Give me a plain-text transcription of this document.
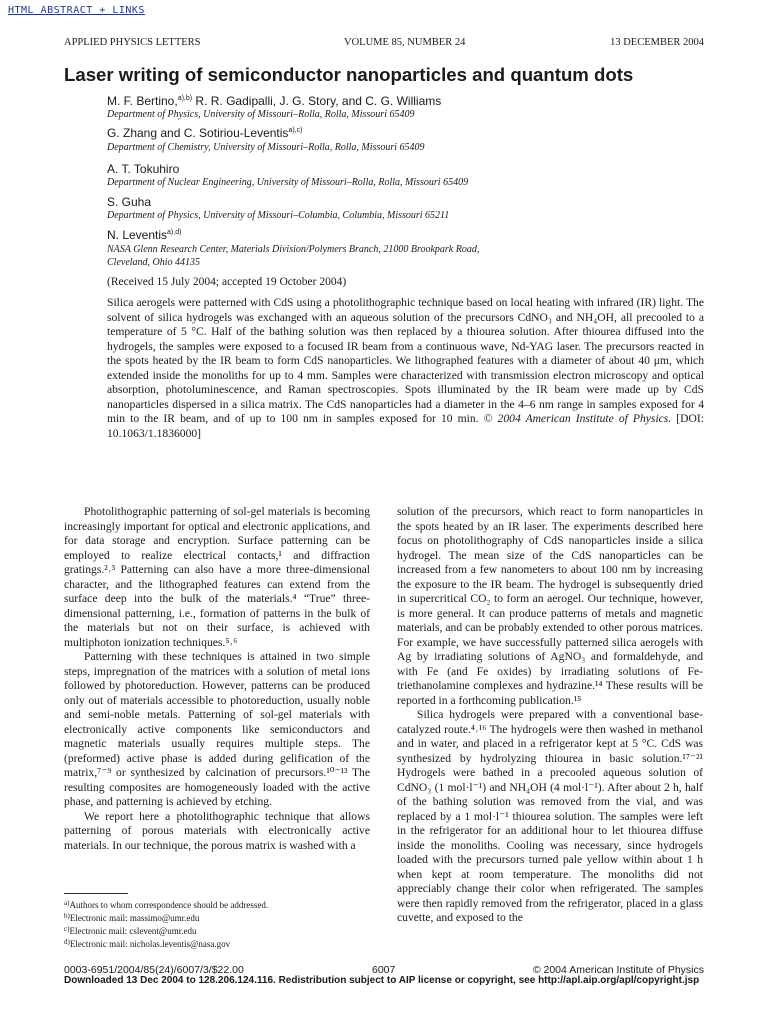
HTML ABSTRACT + LINKS
APPLIED PHYSICS LETTERS	VOLUME 85, NUMBER 24	13 DECEMBER 2004
Laser writing of semiconductor nanoparticles and quantum dots
M. F. Bertino,$^{a),b)}$ R. R. Gadipalli, J. G. Story, and C. G. Williams
Department of Physics, University of Missouri–Rolla, Rolla, Missouri 65409
G. Zhang and C. Sotiriou-Leventis$^{a),c)}$
Department of Chemistry, University of Missouri–Rolla, Rolla, Missouri 65409
A. T. Tokuhiro
Department of Nuclear Engineering, University of Missouri–Rolla, Rolla, Missouri 65409
S. Guha
Department of Physics, University of Missouri–Columbia, Columbia, Missouri 65211
N. Leventis$^{a),d)}$
NASA Glenn Research Center, Materials Division/Polymers Branch, 21000 Brookpark Road,
Cleveland, Ohio 44135
(Received 15 July 2004; accepted 19 October 2004)
Silica aerogels were patterned with CdS using a photolithographic technique based on local heating with infrared (IR) light. The solvent of silica hydrogels was exchanged with an aqueous solution of the precursors CdNO₃ and NH₄OH, all precooled to a temperature of 5 °C. Half of the bathing solution was then replaced by a thiourea solution. After thiourea diffused into the hydrogels, the samples were exposed to a focused IR beam from a continuous wave, Nd-YAG laser. The precursors reacted in the spots heated by the IR beam to form CdS nanoparticles. We lithographed features with a diameter of about 40 μm, which extended inside the monoliths for up to 4 mm. Samples were characterized with transmission electron microscopy and optical absorption, photoluminescence, and Raman spectroscopies. Spots illuminated by the IR beam were made up by CdS nanoparticles dispersed in a silica matrix. The CdS nanoparticles had a diameter in the 4–6 nm range in samples exposed for 4 min to the IR beam, and of up to 100 nm in samples exposed for 10 min. © 2004 American Institute of Physics. [DOI: 10.1063/1.1836000]

Photolithographic patterning of sol-gel materials is becoming increasingly important for optical and electronic applications, and for data storage and encryption. Surface patterning can be employed to realize electrical contacts,¹ and diffraction gratings.²˒³ Patterning can also have a more three-dimensional character, and the lithographed features can extend from the surface deep into the bulk of the materials.⁴ “True” three-dimensional patterning, i.e., formation of patterns in the bulk of the materials but not on their surface, is achieved with multiphoton ionization techniques.⁵˒⁶

Patterning with these techniques is attained in two simple steps, impregnation of the matrices with a solution of metal ions followed by photoreduction. However, patterns can be produced only out of materials accessible to photoreduction, usually noble and semi-noble metals. Patterning of sol-gel materials with electronically active components like semiconductors and magnetic materials usually requires multiple steps. The (preformed) active phase is added during gelification of the matrix,⁷⁻⁹ or synthesized by calcination of precursors.¹⁰⁻¹³ The resulting composites are homogeneously loaded with the active phase, and patterning is achieved by etching.

We report here a photolithographic technique that allows patterning of porous materials with electronically active materials. In our technique, the porous matrix is washed with a

solution of the precursors, which react to form nanoparticles in the spots heated by an IR laser. The experiments described here focus on photolithography of CdS nanoparticles inside a silica hydrogel. The mean size of the CdS nanoparticles can be increased from a few nanometers to about 100 nm by increasing the exposure to the IR beam. The hydrogel is subsequently dried in supercritical CO₂ to form an aerogel. Our technique, however, is more general. It can produce patterns of metals and magnetic materials, and can be probably extended to other porous matrices. For example, we have successfully patterned silica aerogels with Ag by irradiating solutions of AgNO₃ and formaldehyde, and with Fe (and Fe oxides) by irradiating solutions of Fe-triethanolamine complexes and hydrazine.¹⁴ These results will be reported in a forthcoming publication.¹⁵

Silica hydrogels were prepared with a conventional base-catalyzed route.⁴˒¹⁶ The hydrogels were then washed in methanol and in water, and placed in a refrigerator kept at 5 °C. CdS was synthesized by hydrolyzing thiourea in basic solution.¹⁷⁻²¹ Hydrogels were bathed in a precooled aqueous solution of CdNO₃ (1 mol·l⁻¹) and NH₄OH (4 mol·l⁻¹). After about 2 h, half of the bathing solution was removed from the vial, and was replaced by a 1 mol·l⁻¹ thiourea solution. The samples were left in the refrigerator for an additional hour to let thiourea diffuse inside the monoliths. Cooling was necessary, since hydrogels loaded with the precursors turned pale yellow within about 1 h when kept at room temperature. The monoliths did not appreciably change their color when refrigerated. The samples were then rapidly removed from the refrigerator, placed in a glass cuvette, and exposed to the

$^{a)}$Authors to whom correspondence should be addressed.
$^{b)}$Electronic mail: massimo@umr.edu
$^{c)}$Electronic mail: cslevent@umr.edu
$^{d)}$Electronic mail: nicholas.leventis@nasa.gov
0003-6951/2004/85(24)/6007/3/$22.00	6007	© 2004 American Institute of Physics
Downloaded 13 Dec 2004 to 128.206.124.116. Redistribution subject to AIP license or copyright, see http://apl.aip.org/apl/copyright.jsp
